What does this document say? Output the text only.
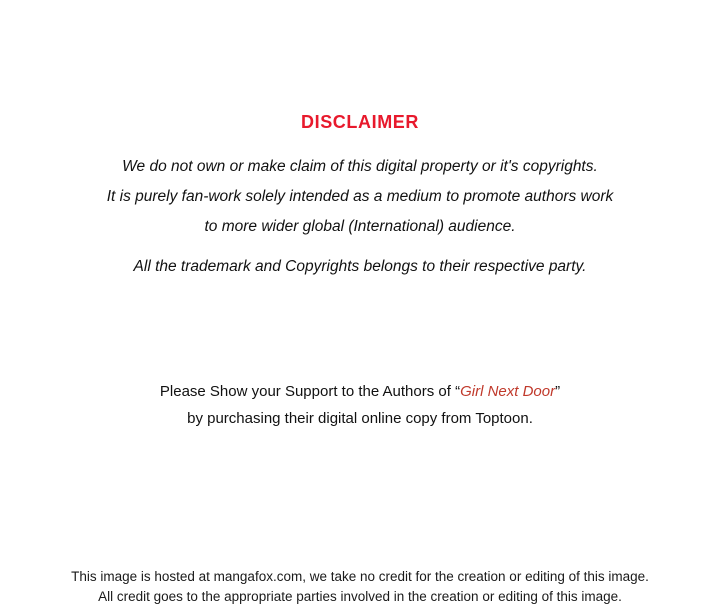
DISCLAIMER
We do not own or make claim of this digital property or it's copyrights.
It is purely fan-work solely intended as a medium to promote authors work
to more wider global (International) audience.
All the trademark and Copyrights belongs to their respective party.
Please Show your Support to the Authors of “Girl Next Door”
by purchasing their digital online copy from Toptoon.
This image is hosted at mangafox.com, we take no credit for the creation or editing of this image.
All credit goes to the appropriate parties involved in the creation or editing of this image.
